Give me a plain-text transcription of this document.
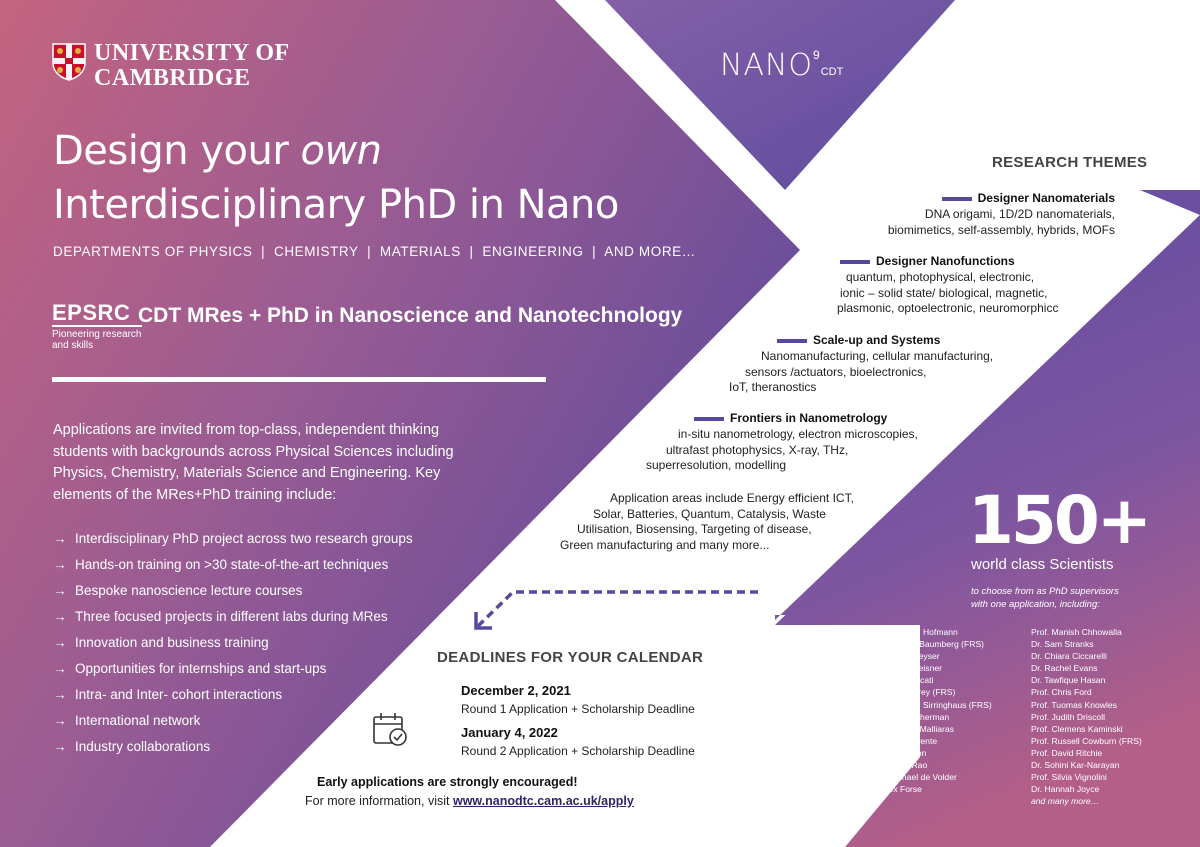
UNIVERSITY OF
CAMBRIDGE	NANO$^9$CDT
Design your own
Interdisciplinary PhD in Nano
DEPARTMENTS OF PHYSICS  |  CHEMISTRY  |  MATERIALS  |  ENGINEERING  |  AND MORE…
EPSRC
Pioneering research
and skills
CDT MRes + PhD in Nanoscience and Nanotechnology
Applications are invited from top-class, independent thinking
students with backgrounds across Physical Sciences including
Physics, Chemistry, Materials Science and Engineering. Key
elements of the MRes+PhD training include:
→ Interdisciplinary PhD project across two research groups
→ Hands-on training on >30 state-of-the-art techniques
→ Bespoke nanoscience lecture courses
→ Three focused projects in different labs during MRes
→ Innovation and business training
→ Opportunities for internships and start-ups
→ Intra- and Inter- cohort interactions
→ International network
→ Industry collaborations
RESEARCH THEMES
Designer Nanomaterials
DNA origami, 1D/2D nanomaterials,
biomimetics, self-assembly, hybrids, MOFs
Designer Nanofunctions
quantum, photophysical, electronic,
ionic – solid state/ biological, magnetic,
plasmonic, optoelectronic, neuromorphicc
Scale-up and Systems
Nanomanufacturing, cellular manufacturing,
sensors /actuators, bioelectronics,
IoT, theranostics
Frontiers in Nanometrology
in-situ nanometrology, electron microscopies,
ultrafast photophysics, X-ray, THz,
superresolution, modelling
Application areas include Energy efficient ICT,
Solar, Batteries, Quantum, Catalysis, Waste
Utilisation, Biosensing, Targeting of disease,
Green manufacturing and many more...	150+
world class Scientists
to choose from as PhD supervisors
with one application, including:
Prof. Stephan Hofmann
Prof. Jeremy Baumberg (FRS)
Prof. Ulrich Keyser
Prof. Erwin Reisner
Prof. Cate Ducati
Prof. Clare Grey (FRS)
Prof. Henning Sirringhaus (FRS)
Prof. Oren Scherman
Prof. George Malliaras
Dr. Laura Torrente
Dr. Sian Dutton
Dr. Akshay Rao
Prof. Michael de Volder
Dr. Alex Forse
Prof. Manish Chhowalla
Dr. Sam Stranks
Dr. Chiara Ciccarelli
Dr. Rachel Evans
Dr. Tawfique Hasan
Prof. Chris Ford
Prof. Tuomas Knowles
Prof. Judith Driscoll
Prof. Clemens Kaminski
Prof. Russell Cowburn (FRS)
Prof. David Ritchie
Dr. Sohini Kar-Narayan
Prof. Silvia Vignolini
Dr. Hannah Joyce
and many more…
DEADLINES FOR YOUR CALENDAR
December 2, 2021
Round 1 Application + Scholarship Deadline
January 4, 2022
Round 2 Application + Scholarship Deadline
Early applications are strongly encouraged!
For more information, visit www.nanodtc.cam.ac.uk/apply
